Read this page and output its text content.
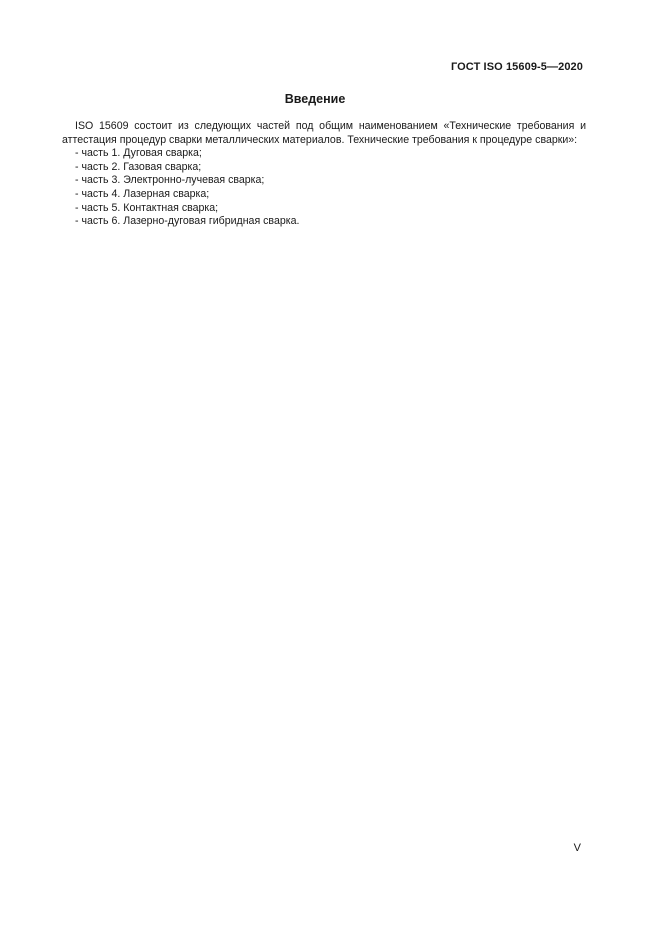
ГОСТ ISO 15609-5—2020
Введение

ISO 15609 состоит из следующих частей под общим наименованием «Технические требования и аттестация процедур сварки металлических материалов. Технические требования к процедуре сварки»:

- часть 1. Дуговая сварка;
- часть 2. Газовая сварка;
- часть 3. Электронно-лучевая сварка;
- часть 4. Лазерная сварка;
- часть 5. Контактная сварка;
- часть 6. Лазерно-дуговая гибридная сварка.
V
